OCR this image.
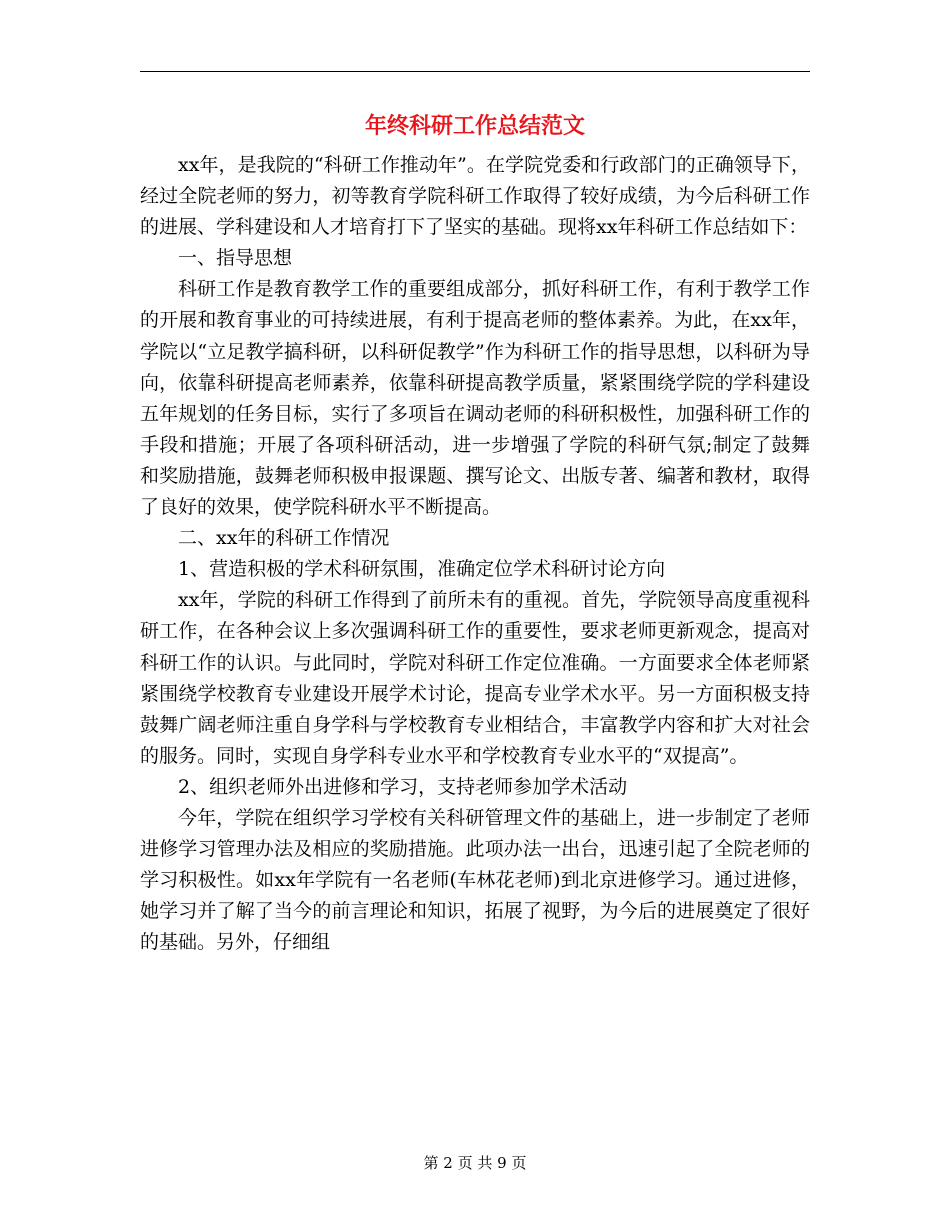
年终科研工作总结范文

xx年，是我院的“科研工作推动年”。在学院党委和行政部门的正确领导下，经过全院老师的努力，初等教育学院科研工作取得了较好成绩，为今后科研工作的进展、学科建设和人才培育打下了坚实的基础。现将xx年科研工作总结如下：

一、指导思想

科研工作是教育教学工作的重要组成部分，抓好科研工作，有利于教学工作的开展和教育事业的可持续进展，有利于提高老师的整体素养。为此，在xx年，学院以“立足教学搞科研，以科研促教学”作为科研工作的指导思想，以科研为导向，依靠科研提高老师素养，依靠科研提高教学质量，紧紧围绕学院的学科建设五年规划的任务目标，实行了多项旨在调动老师的科研积极性，加强科研工作的手段和措施；开展了各项科研活动，进一步增强了学院的科研气氛;制定了鼓舞和奖励措施，鼓舞老师积极申报课题、撰写论文、出版专著、编著和教材，取得了良好的效果，使学院科研水平不断提高。

二、xx年的科研工作情况

1、营造积极的学术科研氛围，准确定位学术科研讨论方向

xx年，学院的科研工作得到了前所未有的重视。首先，学院领导高度重视科研工作，在各种会议上多次强调科研工作的重要性，要求老师更新观念，提高对科研工作的认识。与此同时，学院对科研工作定位准确。一方面要求全体老师紧紧围绕学校教育专业建设开展学术讨论，提高专业学术水平。另一方面积极支持鼓舞广阔老师注重自身学科与学校教育专业相结合，丰富教学内容和扩大对社会的服务。同时，实现自身学科专业水平和学校教育专业水平的“双提高”。

2、组织老师外出进修和学习，支持老师参加学术活动

今年，学院在组织学习学校有关科研管理文件的基础上，进一步制定了老师进修学习管理办法及相应的奖励措施。此项办法一出台，迅速引起了全院老师的学习积极性。如xx年学院有一名老师(车林花老师)到北京进修学习。通过进修，她学习并了解了当今的前言理论和知识，拓展了视野，为今后的进展奠定了很好的基础。另外，仔细组

第 2 页 共 9 页
